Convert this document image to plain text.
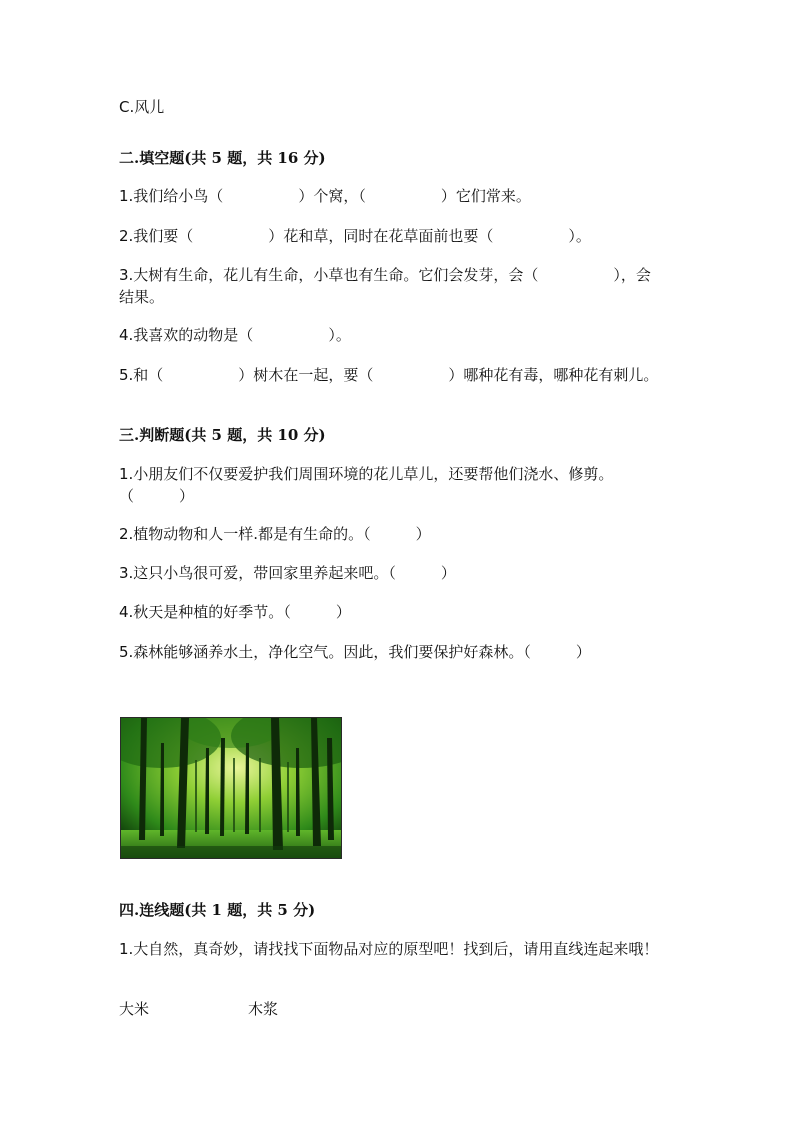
C.风儿
二.填空题(共 5 题，共 16 分)
1.我们给小鸟（　　　　　）个窝，（　　　　　）它们常来。
2.我们要（　　　　　）花和草，同时在花草面前也要（　　　　　）。
3.大树有生命，花儿有生命，小草也有生命。它们会发芽，会（　　　　　），会结果。
4.我喜欢的动物是（　　　　　）。
5.和（　　　　　）树木在一起，要（　　　　　）哪种花有毒，哪种花有刺儿。
三.判断题(共 5 题，共 10 分)
1.小朋友们不仅要爱护我们周围环境的花儿草儿，还要帮他们浇水、修剪。（　　　）
2.植物动物和人一样.都是有生命的。（　　　）
3.这只小鸟很可爱，带回家里养起来吧。（　　　）
4.秋天是种植的好季节。（　　　）
5.森林能够涵养水土，净化空气。因此，我们要保护好森林。（　　　）
四.连线题(共 1 题，共 5 分)
1.大自然，真奇妙，请找找下面物品对应的原型吧！找到后，请用直线连起来哦！
大米	木浆
